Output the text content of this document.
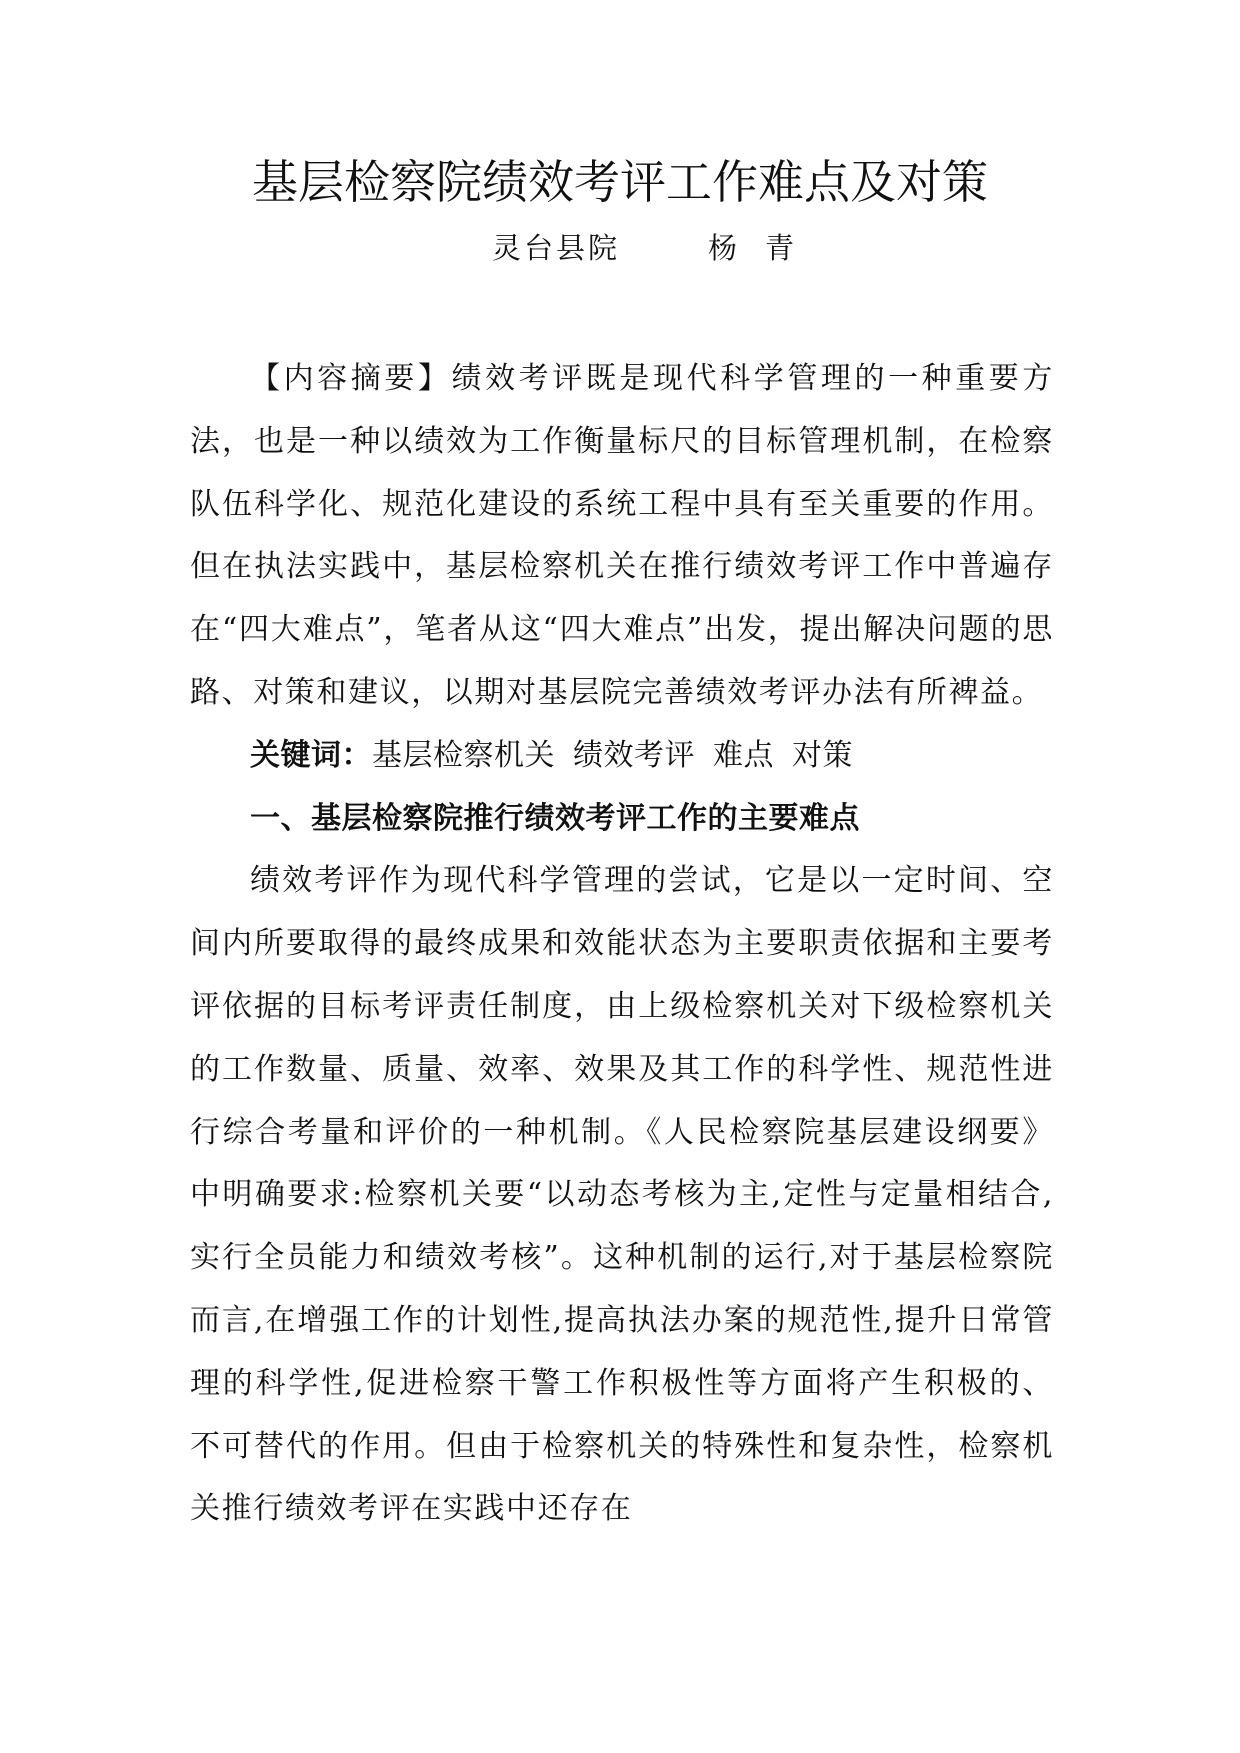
基层检察院绩效考评工作难点及对策
灵台县院	杨青

【内容摘要】绩效考评既是现代科学管理的一种重要方法，也是一种以绩效为工作衡量标尺的目标管理机制，在检察队伍科学化、规范化建设的系统工程中具有至关重要的作用。但在执法实践中，基层检察机关在推行绩效考评工作中普遍存在“四大难点”，笔者从这“四大难点”出发，提出解决问题的思路、对策和建议，以期对基层院完善绩效考评办法有所裨益。

关键词：基层检察机关 绩效考评 难点 对策

一、基层检察院推行绩效考评工作的主要难点

绩效考评作为现代科学管理的尝试，它是以一定时间、空间内所要取得的最终成果和效能状态为主要职责依据和主要考评依据的目标考评责任制度，由上级检察机关对下级检察机关的工作数量、质量、效率、效果及其工作的科学性、规范性进行综合考量和评价的一种机制。《人民检察院基层建设纲要》中明确要求:检察机关要“以动态考核为主,定性与定量相结合,实行全员能力和绩效考核”。这种机制的运行,对于基层检察院而言,在增强工作的计划性,提高执法办案的规范性,提升日常管理的科学性,促进检察干警工作积极性等方面将产生积极的、不可替代的作用。但由于检察机关的特殊性和复杂性，检察机关推行绩效考评在实践中还存在
